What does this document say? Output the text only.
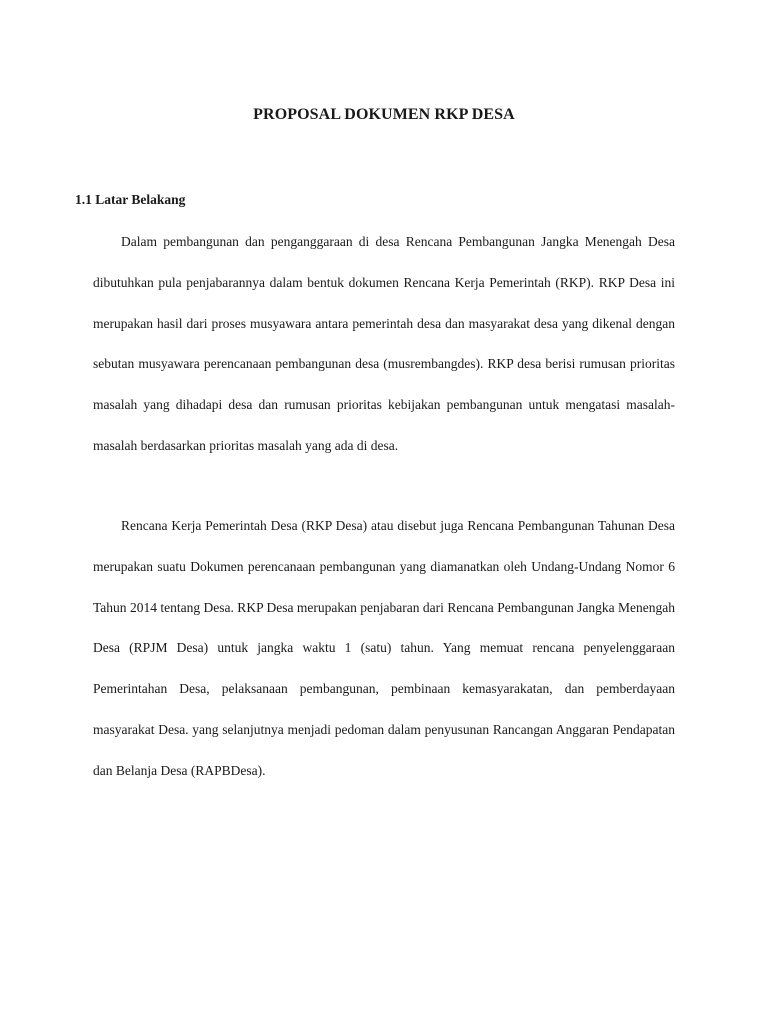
PROPOSAL DOKUMEN RKP DESA
1.1 Latar Belakang

Dalam pembangunan dan penganggaraan di desa Rencana Pembangunan Jangka Menengah Desa dibutuhkan pula penjabarannya dalam bentuk dokumen Rencana Kerja Pemerintah (RKP). RKP Desa ini merupakan hasil dari proses musyawara antara pemerintah desa dan masyarakat desa yang dikenal dengan sebutan musyawara perencanaan pembangunan desa (musrembangdes). RKP desa berisi rumusan prioritas masalah yang dihadapi desa dan rumusan prioritas kebijakan pembangunan untuk mengatasi masalah-masalah berdasarkan prioritas masalah yang ada di desa.

Rencana Kerja Pemerintah Desa (RKP Desa) atau disebut juga Rencana Pembangunan Tahunan Desa merupakan suatu Dokumen perencanaan pembangunan yang diamanatkan oleh Undang-Undang Nomor 6 Tahun 2014 tentang Desa. RKP Desa merupakan penjabaran dari Rencana Pembangunan Jangka Menengah Desa (RPJM Desa) untuk jangka waktu 1 (satu) tahun. Yang memuat rencana penyelenggaraan Pemerintahan Desa, pelaksanaan pembangunan, pembinaan kemasyarakatan, dan pemberdayaan masyarakat Desa. yang selanjutnya menjadi pedoman dalam penyusunan Rancangan Anggaran Pendapatan dan Belanja Desa (RAPBDesa).
